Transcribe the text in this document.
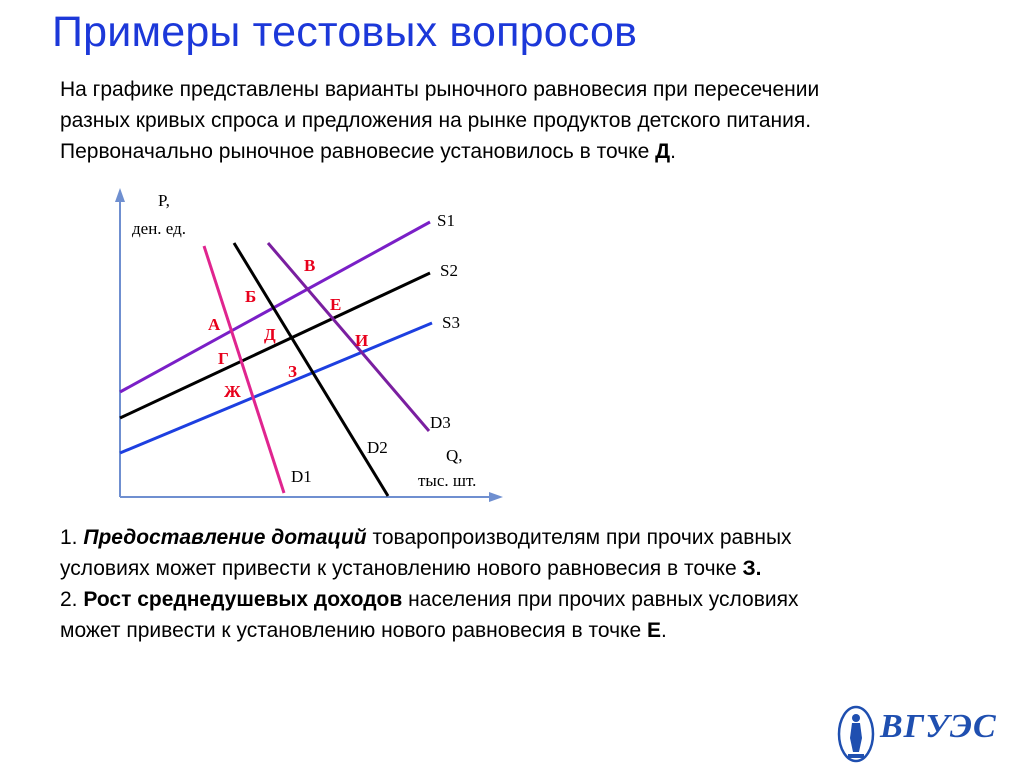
Примеры тестовых вопросов

На графике представлены варианты рыночного равновесия при пересечении

разных кривых спроса и предложения на рынке продуктов детского питания.

Первоначально рыночное равновесие установилось в точке Д.

P,
ден. ед.
Q,
тыс. шт.
S1
S2
S3
D1
D2
D3
А
Б
В
Г
Д
Е
Ж
З
И

1. Предоставление дотаций товаропроизводителям при прочих равных

условиях может привести к установлению нового равновесия в точке З.

2. Рост среднедушевых доходов населения при прочих равных условиях

может привести к установлению нового равновесия в точке Е.

ВГУЭС
